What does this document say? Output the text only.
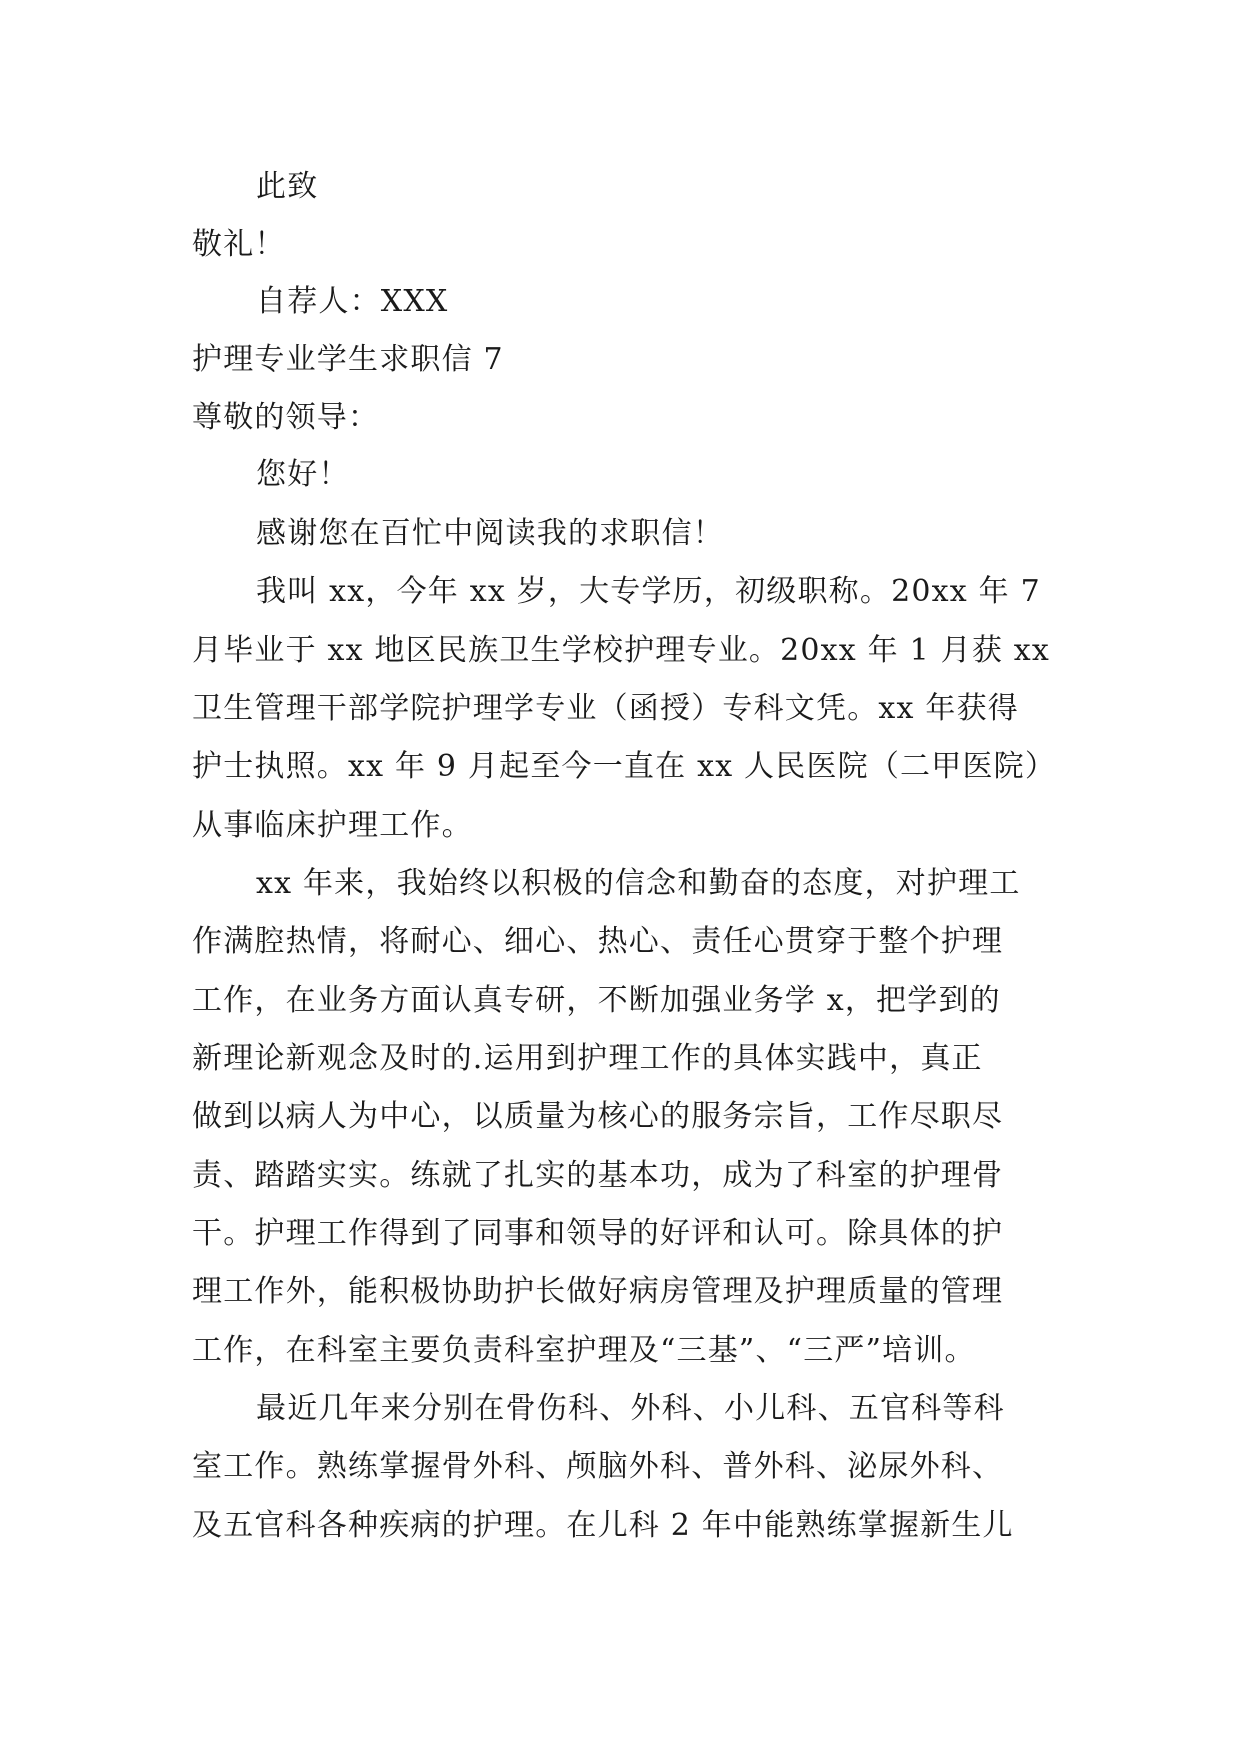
此致
敬礼！
自荐人：XXX
护理专业学生求职信 7
尊敬的领导：
您好！
感谢您在百忙中阅读我的求职信！
我叫 xx，今年 xx 岁，大专学历，初级职称。20xx 年 7
月毕业于 xx 地区民族卫生学校护理专业。20xx 年 1 月获 xx
卫生管理干部学院护理学专业（函授）专科文凭。xx 年获得
护士执照。xx 年 9 月起至今一直在 xx 人民医院（二甲医院）
从事临床护理工作。
xx 年来，我始终以积极的信念和勤奋的态度，对护理工
作满腔热情，将耐心、细心、热心、责任心贯穿于整个护理
工作，在业务方面认真专研，不断加强业务学 x，把学到的
新理论新观念及时的.运用到护理工作的具体实践中，真正
做到以病人为中心，以质量为核心的服务宗旨，工作尽职尽
责、踏踏实实。练就了扎实的基本功，成为了科室的护理骨
干。护理工作得到了同事和领导的好评和认可。除具体的护
理工作外，能积极协助护长做好病房管理及护理质量的管理
工作，在科室主要负责科室护理及“三基”、“三严”培训。
最近几年来分别在骨伤科、外科、小儿科、五官科等科
室工作。熟练掌握骨外科、颅脑外科、普外科、泌尿外科、
及五官科各种疾病的护理。在儿科 2 年中能熟练掌握新生儿
